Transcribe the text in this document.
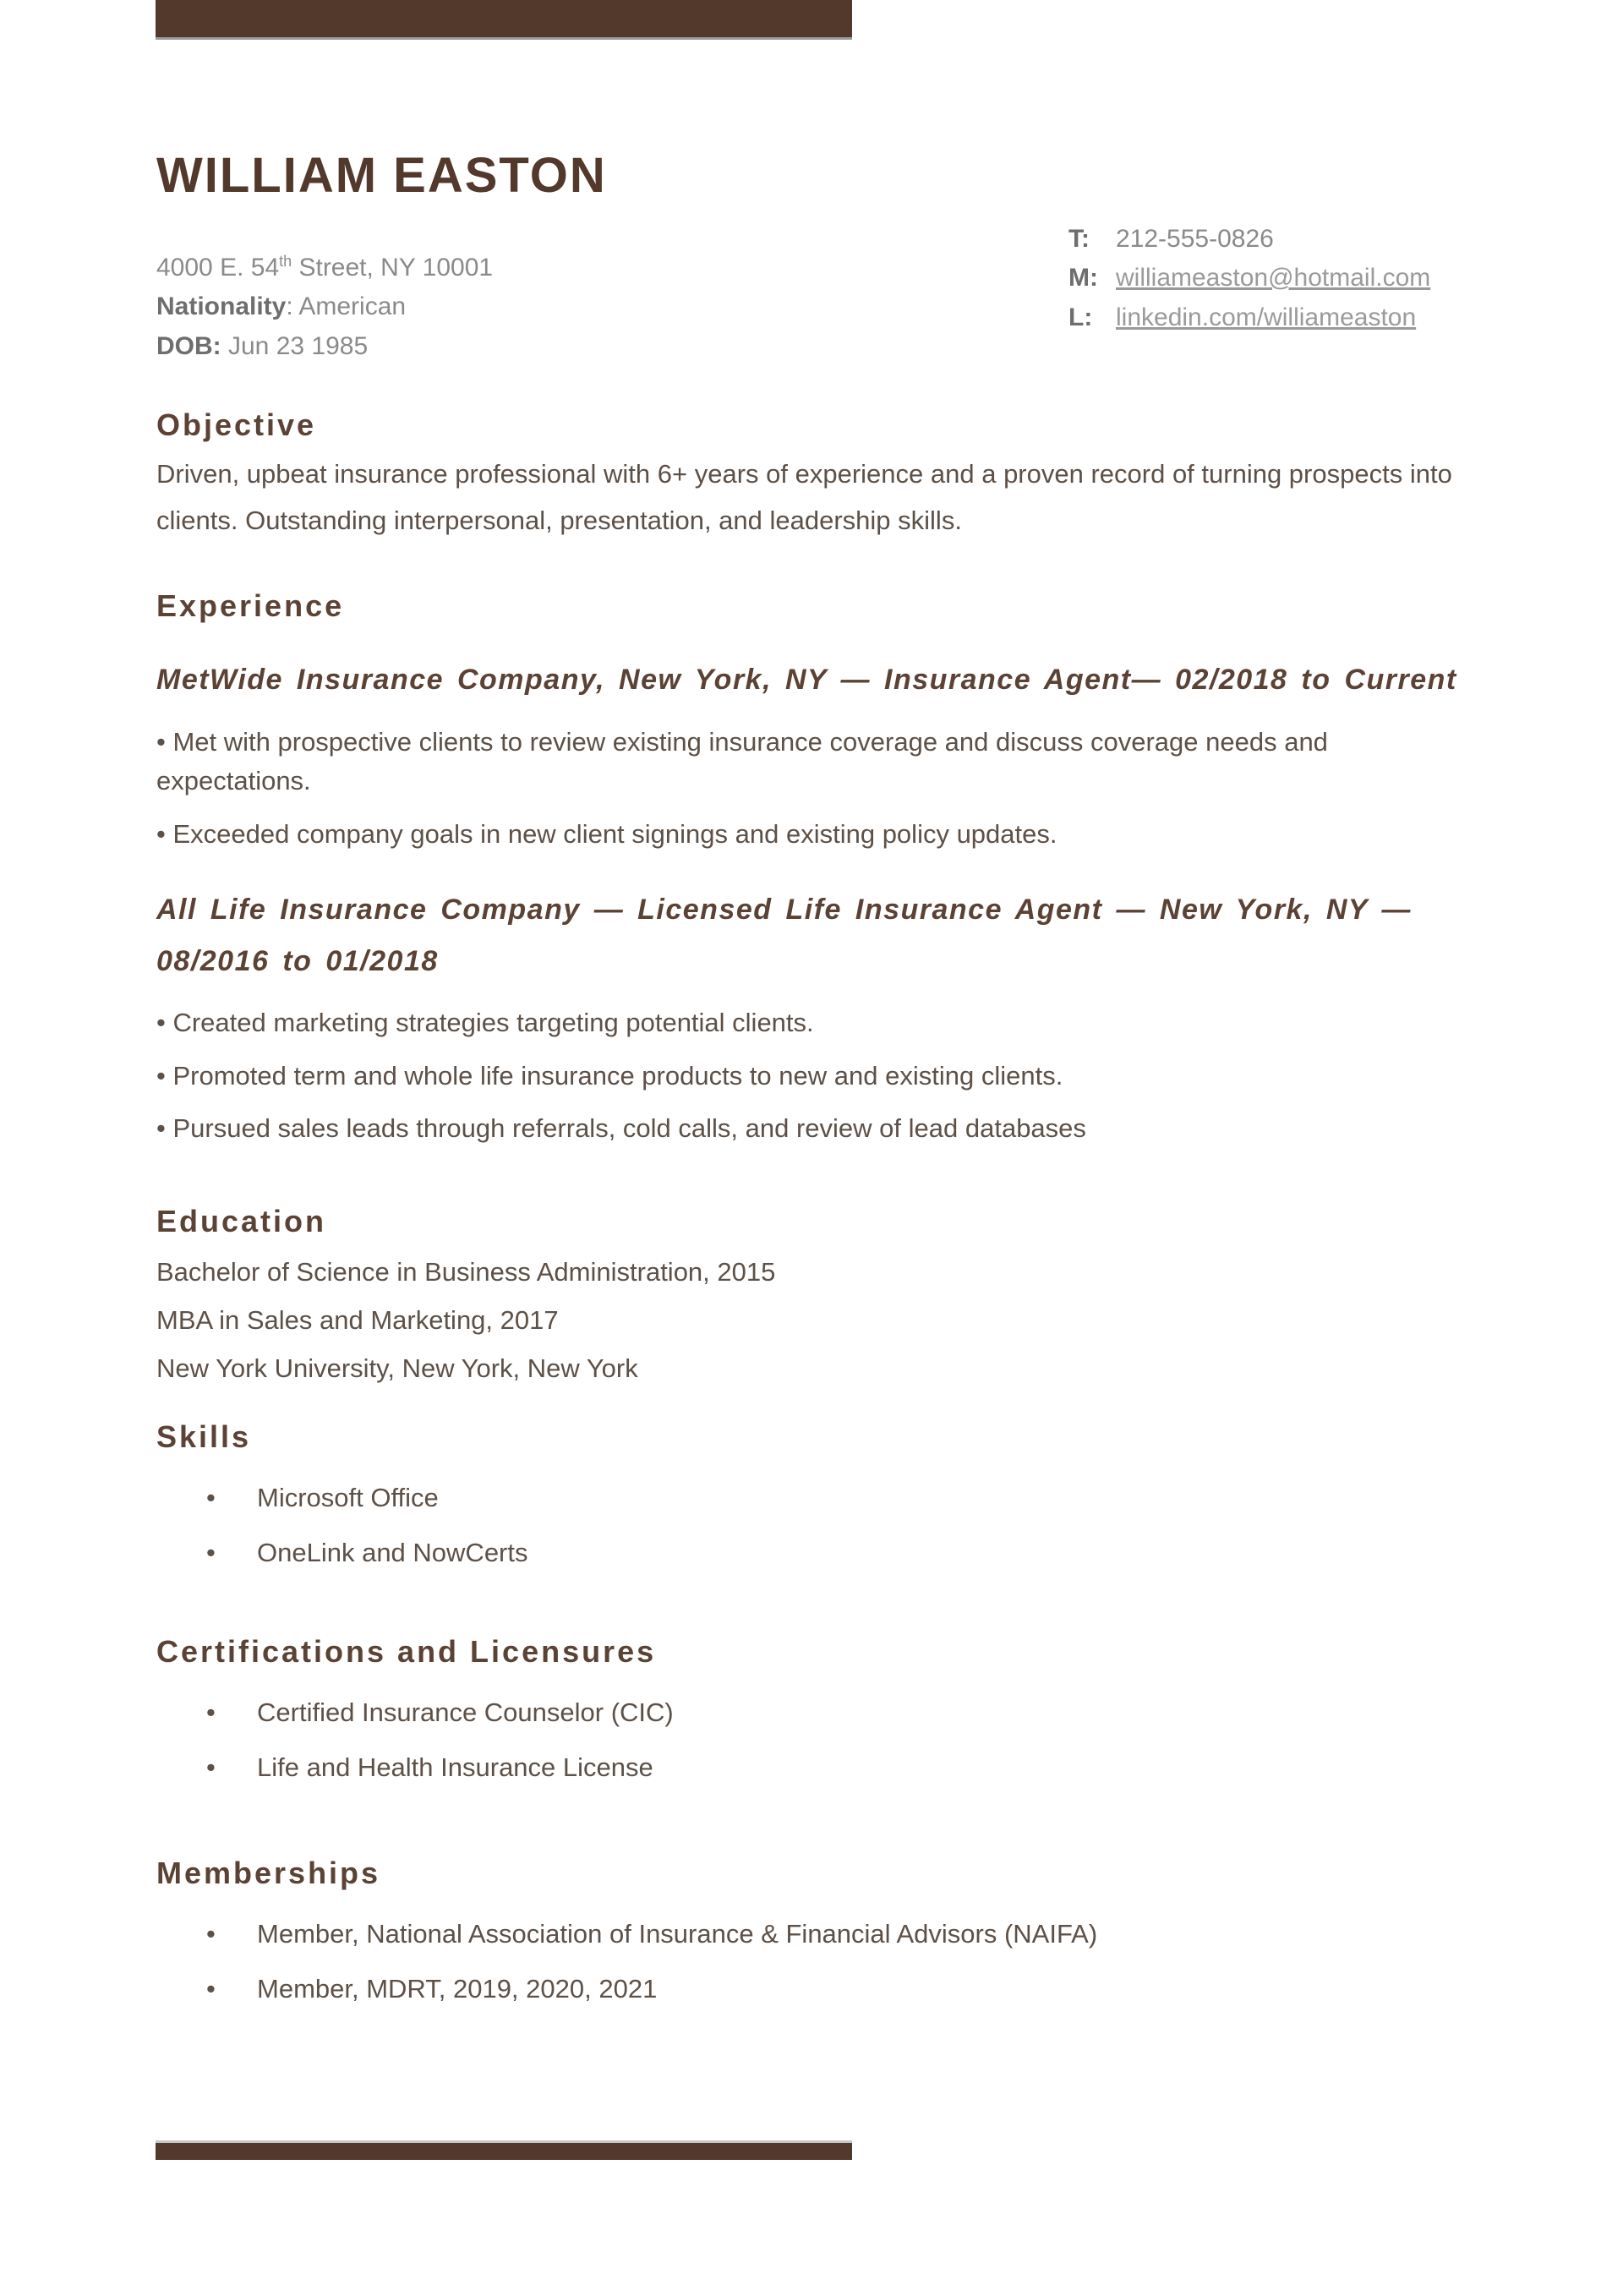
WILLIAM EASTON

4000 E. 54th Street, NY 10001

Nationality: American

DOB: Jun 23 1985

T: 212-555-0826

M: williameaston@hotmail.com

L: linkedin.com/williameaston

Objective

Driven, upbeat insurance professional with 6+ years of experience and a proven record of turning prospects into clients. Outstanding interpersonal, presentation, and leadership skills.

Experience
MetWide Insurance Company, New York, NY — Insurance Agent— 02/2018 to Current

• Met with prospective clients to review existing insurance coverage and discuss coverage needs and expectations.

• Exceeded company goals in new client signings and existing policy updates.

All Life Insurance Company — Licensed Life Insurance Agent — New York, NY — 08/2016 to 01/2018

• Created marketing strategies targeting potential clients.

• Promoted term and whole life insurance products to new and existing clients.

• Pursued sales leads through referrals, cold calls, and review of lead databases

Education

Bachelor of Science in Business Administration, 2015

MBA in Sales and Marketing, 2017

New York University, New York, New York

Skills
• Microsoft Office
• OneLink and NowCerts
Certifications and Licensures
• Certified Insurance Counselor (CIC)
• Life and Health Insurance License
Memberships
• Member, National Association of Insurance & Financial Advisors (NAIFA)
• Member, MDRT, 2019, 2020, 2021
